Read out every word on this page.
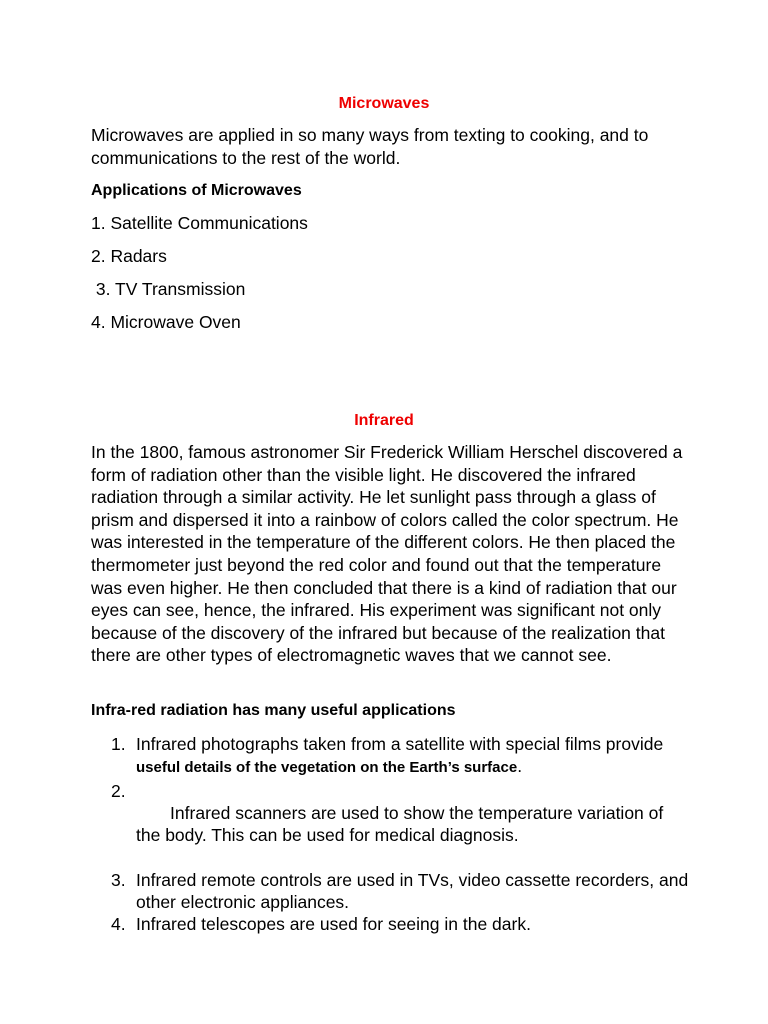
Microwaves

Microwaves are applied in so many ways from texting to cooking, and to communications to the rest of the world.

Applications of Microwaves
1. Satellite Communications
2. Radars
3. TV Transmission
4. Microwave Oven
Infrared

In the 1800, famous astronomer Sir Frederick William Herschel discovered a form of radiation other than the visible light. He discovered the infrared radiation through a similar activity. He let sunlight pass through a glass of prism and dispersed it into a rainbow of colors called the color spectrum. He was interested in the temperature of the different colors. He then placed the thermometer just beyond the red color and found out that the temperature was even higher. He then concluded that there is a kind of radiation that our eyes can see, hence, the infrared. His experiment was significant not only because of the discovery of the infrared but because of the realization that there are other types of electromagnetic waves that we cannot see.

Infra-red radiation has many useful applications
1. Infrared photographs taken from a satellite with special films provide useful details of the vegetation on the Earth’s surface.

2.
Infrared scanners are used to show the temperature variation of the body. This can be used for medical diagnosis.

3. Infrared remote controls are used in TVs, video cassette recorders, and other electronic appliances.
4. Infrared telescopes are used for seeing in the dark.
